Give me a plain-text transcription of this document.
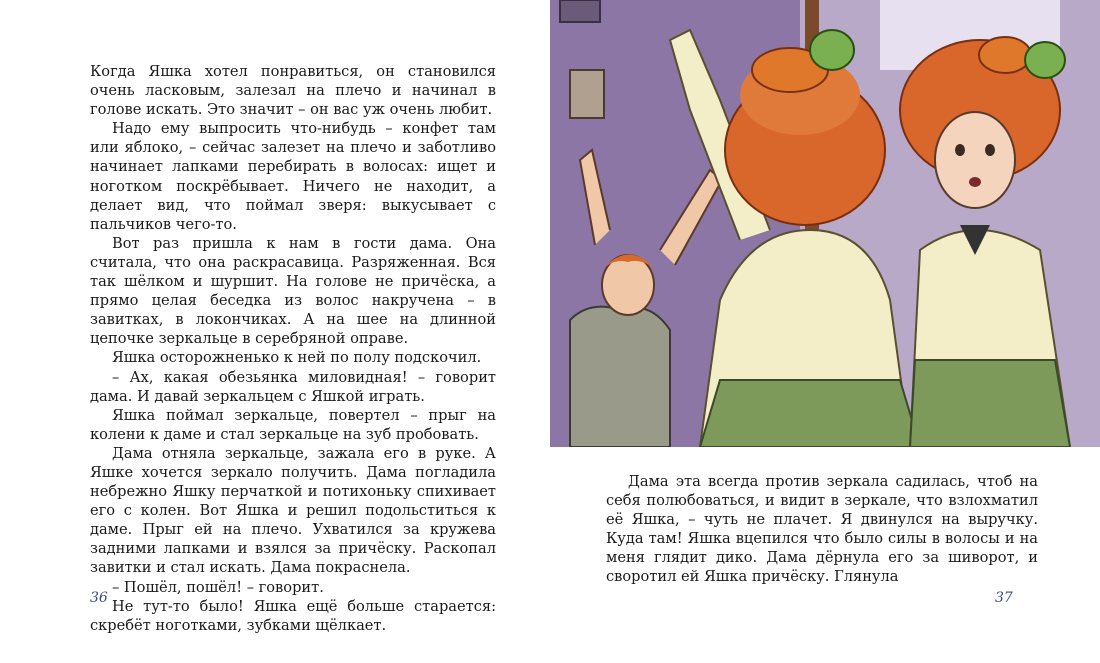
Когда Яшка хотел понравиться, он становился очень ласковым, залезал на плечо и начинал в голове искать. Это значит – он вас уж очень любит.

Надо ему выпросить что-нибудь – конфет там или яблоко, – сейчас залезет на плечо и заботливо начинает лапками перебирать в волосах: ищет и ноготком поскрёбывает. Ничего не находит, а делает вид, что поймал зверя: выкусывает с пальчиков чего-то.

Вот раз пришла к нам в гости дама. Она считала, что она раскрасавица. Разряженная. Вся так шёлком и шуршит. На голове не причёска, а прямо целая беседка из волос накручена – в завитках, в локончиках. А на шее на длинной цепочке зеркальце в серебряной оправе.

Яшка осторожненько к ней по полу подскочил.

– Ах, какая обезьянка миловидная! – говорит дама. И давай зеркальцем с Яшкой играть.

Яшка поймал зеркальце, повертел – прыг на колени к даме и стал зеркальце на зуб пробовать.

Дама отняла зеркальце, зажала его в руке. А Яшке хочется зеркало получить. Дама погладила небрежно Яшку перчаткой и потихоньку спихивает его с колен. Вот Яшка и решил подольститься к даме. Прыг ей на плечо. Ухватился за кружева задними лапками и взялся за причёску. Раскопал завитки и стал искать. Дама покраснела.

– Пошёл, пошёл! – говорит.

Не тут-то было! Яшка ещё больше старается: скребёт ноготками, зубками щёлкает.

36

Дама эта всегда против зеркала садилась, чтоб на себя полюбоваться, и видит в зеркале, что взлохматил её Яшка, – чуть не плачет. Я двинулся на выручку. Куда там! Яшка вцепился что было силы в волосы и на меня глядит дико. Дама дёрнула его за шиворот, и своротил ей Яшка причёску. Глянула

37
